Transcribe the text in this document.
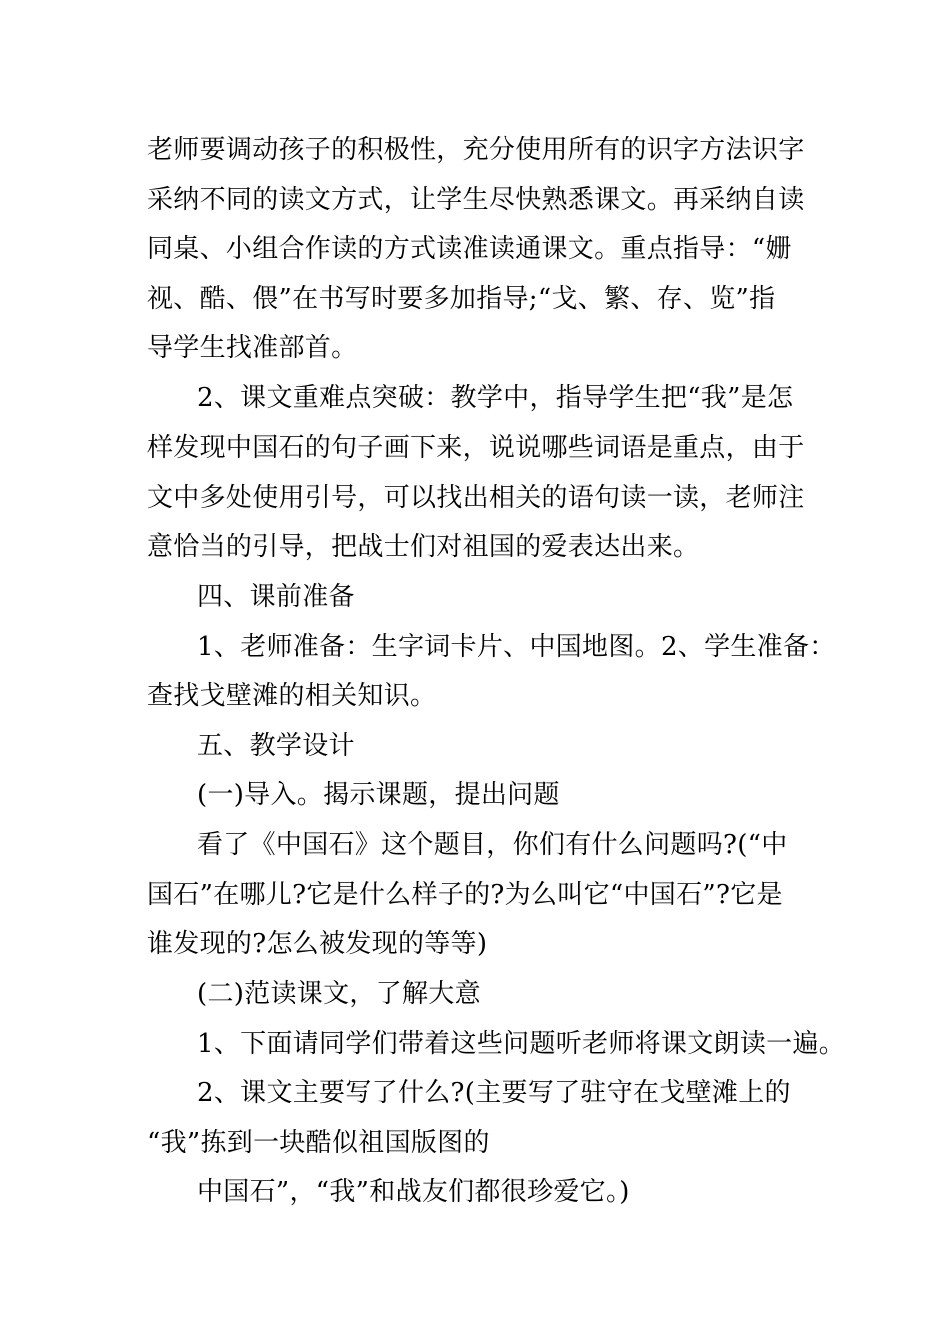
老师要调动孩子的积极性，充分使用所有的识字方法识字
采纳不同的读文方式，让学生尽快熟悉课文。再采纳自读
同桌、小组合作读的方式读准读通课文。重点指导：“姗
视、酷、偎”在书写时要多加指导;“戈、繁、存、览”指
导学生找准部首。
2、课文重难点突破：教学中，指导学生把“我”是怎
样发现中国石的句子画下来，说说哪些词语是重点，由于
文中多处使用引号，可以找出相关的语句读一读，老师注
意恰当的引导，把战士们对祖国的爱表达出来。
四、课前准备
1、老师准备：生字词卡片、中国地图。2、学生准备：
查找戈壁滩的相关知识。
五、教学设计
(一)导入。揭示课题，提出问题
看了《中国石》这个题目，你们有什么问题吗?(“中
国石”在哪儿?它是什么样子的?为么叫它“中国石”?它是
谁发现的?怎么被发现的等等)
(二)范读课文，了解大意
1、下面请同学们带着这些问题听老师将课文朗读一遍。
2、课文主要写了什么?(主要写了驻守在戈壁滩上的
“我”拣到一块酷似祖国版图的
中国石”，“我”和战友们都很珍爱它。)
